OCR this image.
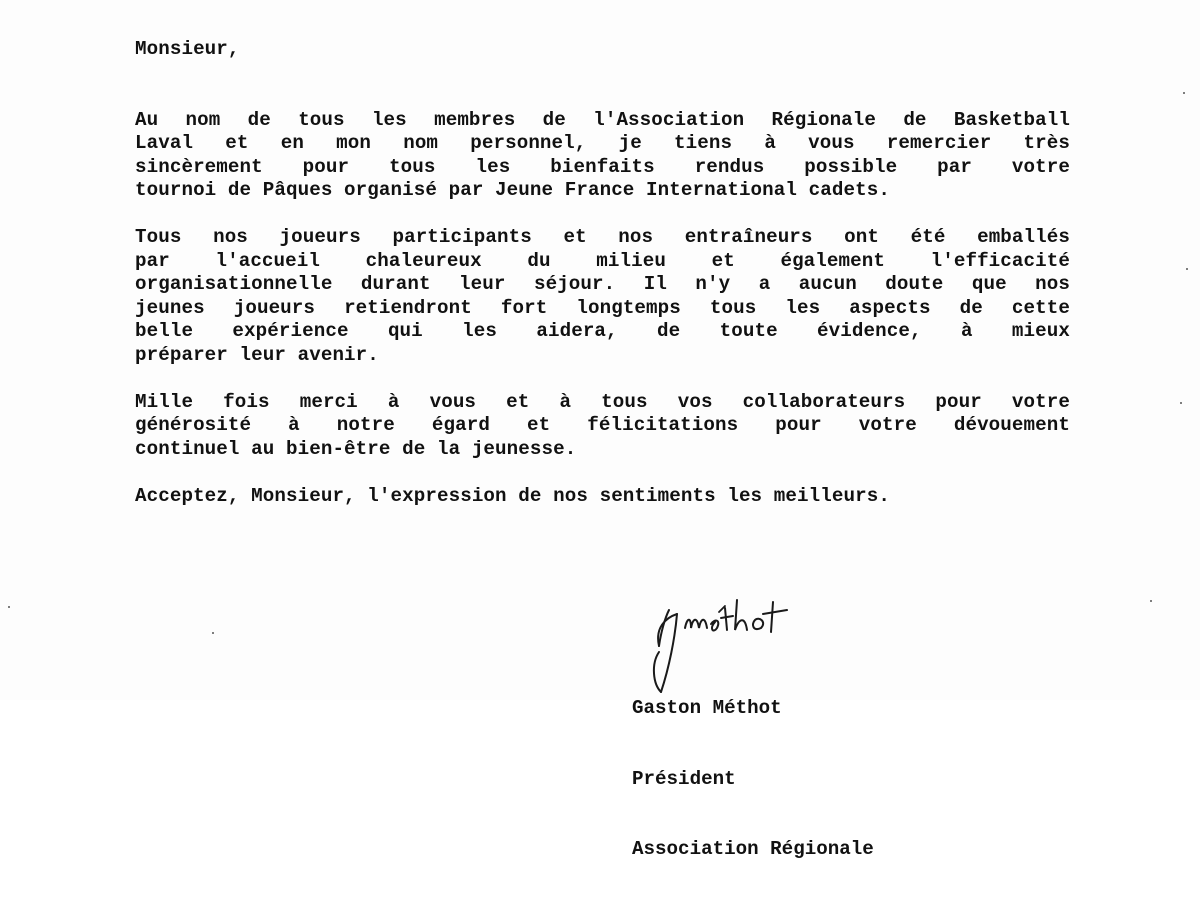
Monsieur,
Au nom de tous les membres de l'Association Régionale de Basketball
Laval et en mon nom personnel, je tiens à vous remercier très
sincèrement pour tous les bienfaits rendus possible par votre
tournoi de Pâques organisé par Jeune France International cadets.
Tous nos joueurs participants et nos entraîneurs ont été emballés
par l'accueil chaleureux du milieu et également l'efficacité
organisationnelle durant leur séjour. Il n'y a aucun doute que nos
jeunes joueurs retiendront fort longtemps tous les aspects de cette
belle expérience qui les aidera, de toute évidence, à mieux
préparer leur avenir.
Mille fois merci à vous et à tous vos collaborateurs pour votre
générosité à notre égard et félicitations pour votre dévouement
continuel au bien-être de la jeunesse.
Acceptez, Monsieur, l'expression de nos sentiments les meilleurs.

Gaston Méthot

Président

Association Régionale
